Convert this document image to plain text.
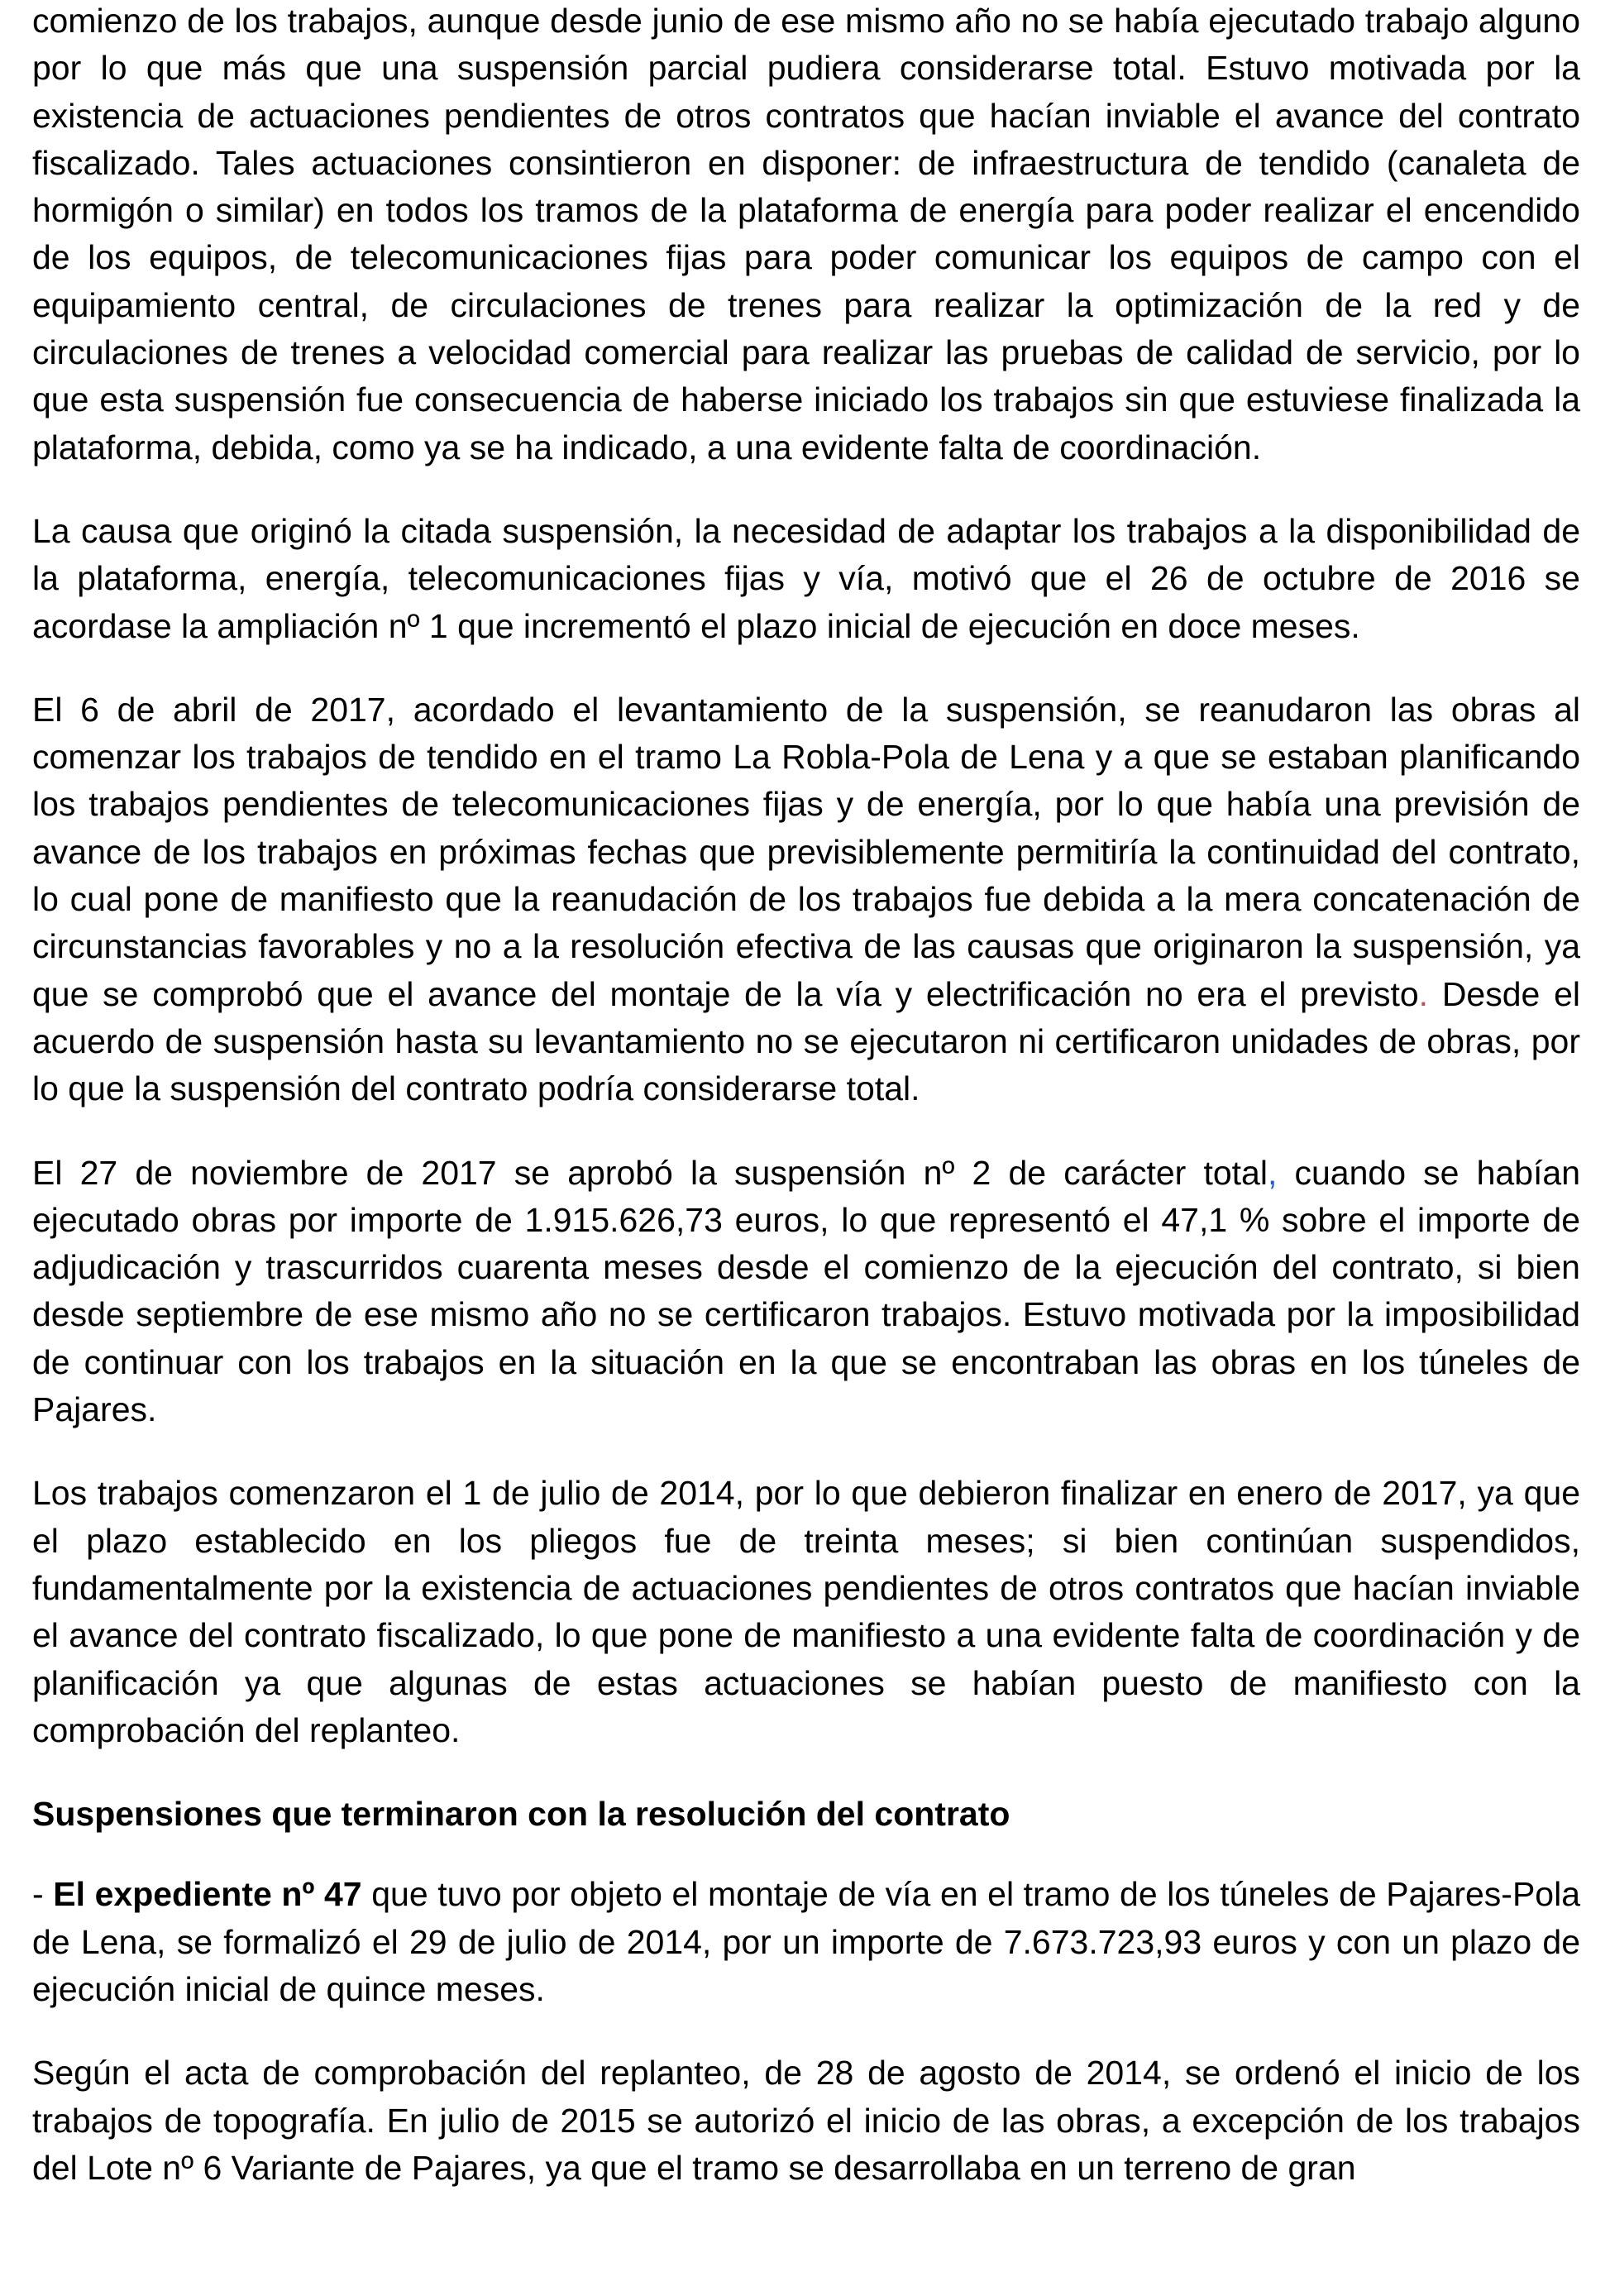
comienzo de los trabajos, aunque desde junio de ese mismo año no se había ejecutado trabajo alguno por lo que más que una suspensión parcial pudiera considerarse total. Estuvo motivada por la existencia de actuaciones pendientes de otros contratos que hacían inviable el avance del contrato fiscalizado. Tales actuaciones consintieron en disponer: de infraestructura de tendido (canaleta de hormigón o similar) en todos los tramos de la plataforma de energía para poder realizar el encendido de los equipos, de telecomunicaciones fijas para poder comunicar los equipos de campo con el equipamiento central, de circulaciones de trenes para realizar la optimización de la red y de circulaciones de trenes a velocidad comercial para realizar las pruebas de calidad de servicio, por lo que esta suspensión fue consecuencia de haberse iniciado los trabajos sin que estuviese finalizada la plataforma, debida, como ya se ha indicado, a una evidente falta de coordinación.

La causa que originó la citada suspensión, la necesidad de adaptar los trabajos a la disponibilidad de la plataforma, energía, telecomunicaciones fijas y vía, motivó que el 26 de octubre de 2016 se acordase la ampliación nº 1 que incrementó el plazo inicial de ejecución en doce meses.

El 6 de abril de 2017, acordado el levantamiento de la suspensión, se reanudaron las obras al comenzar los trabajos de tendido en el tramo La Robla-Pola de Lena y a que se estaban planificando los trabajos pendientes de telecomunicaciones fijas y de energía, por lo que había una previsión de avance de los trabajos en próximas fechas que previsiblemente permitiría la continuidad del contrato, lo cual pone de manifiesto que la reanudación de los trabajos fue debida a la mera concatenación de circunstancias favorables y no a la resolución efectiva de las causas que originaron la suspensión, ya que se comprobó que el avance del montaje de la vía y electrificación no era el previsto. Desde el acuerdo de suspensión hasta su levantamiento no se ejecutaron ni certificaron unidades de obras, por lo que la suspensión del contrato podría considerarse total.

El 27 de noviembre de 2017 se aprobó la suspensión nº 2 de carácter total, cuando se habían ejecutado obras por importe de 1.915.626,73 euros, lo que representó el 47,1 % sobre el importe de adjudicación y trascurridos cuarenta meses desde el comienzo de la ejecución del contrato, si bien desde septiembre de ese mismo año no se certificaron trabajos. Estuvo motivada por la imposibilidad de continuar con los trabajos en la situación en la que se encontraban las obras en los túneles de Pajares.

Los trabajos comenzaron el 1 de julio de 2014, por lo que debieron finalizar en enero de 2017, ya que el plazo establecido en los pliegos fue de treinta meses; si bien continúan suspendidos, fundamentalmente por la existencia de actuaciones pendientes de otros contratos que hacían inviable el avance del contrato fiscalizado, lo que pone de manifiesto a una evidente falta de coordinación y de planificación ya que algunas de estas actuaciones se habían puesto de manifiesto con la comprobación del replanteo.

Suspensiones que terminaron con la resolución del contrato

- El expediente nº 47 que tuvo por objeto el montaje de vía en el tramo de los túneles de Pajares-Pola de Lena, se formalizó el 29 de julio de 2014, por un importe de 7.673.723,93 euros y con un plazo de ejecución inicial de quince meses.

Según el acta de comprobación del replanteo, de 28 de agosto de 2014, se ordenó el inicio de los trabajos de topografía. En julio de 2015 se autorizó el inicio de las obras, a excepción de los trabajos del Lote nº 6 Variante de Pajares, ya que el tramo se desarrollaba en un terreno de gran
